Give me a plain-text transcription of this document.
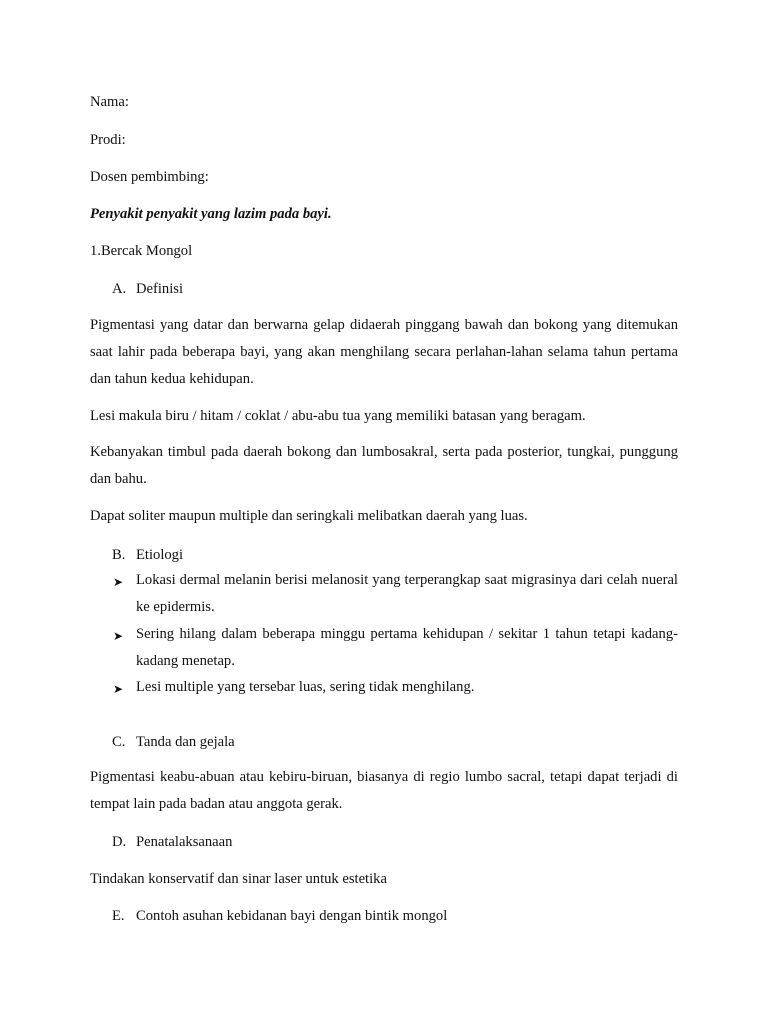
Nama:
Prodi:
Dosen pembimbing:
Penyakit penyakit yang lazim pada bayi.
1.Bercak Mongol
A. Definisi
Pigmentasi yang datar dan berwarna gelap didaerah pinggang bawah dan bokong yang ditemukan saat lahir pada beberapa bayi, yang akan menghilang secara perlahan-lahan selama tahun pertama dan tahun kedua kehidupan.
Lesi makula biru / hitam / coklat / abu-abu tua yang memiliki batasan yang beragam.
Kebanyakan timbul pada daerah bokong dan lumbosakral, serta pada posterior, tungkai, punggung dan bahu.
Dapat soliter maupun multiple dan seringkali melibatkan daerah yang luas.
B. Etiologi
➤ Lokasi dermal melanin berisi melanosit yang terperangkap saat migrasinya dari celah nueral ke epidermis.
➤ Sering hilang dalam beberapa minggu pertama kehidupan / sekitar 1 tahun tetapi kadang-kadang menetap.
➤ Lesi multiple yang tersebar luas, sering tidak menghilang.
C. Tanda dan gejala
Pigmentasi keabu-abuan atau kebiru-biruan, biasanya di regio lumbo sacral, tetapi dapat terjadi di tempat lain pada badan atau anggota gerak.
D. Penatalaksanaan
Tindakan konservatif dan sinar laser untuk estetika
E. Contoh asuhan kebidanan bayi dengan bintik mongol
